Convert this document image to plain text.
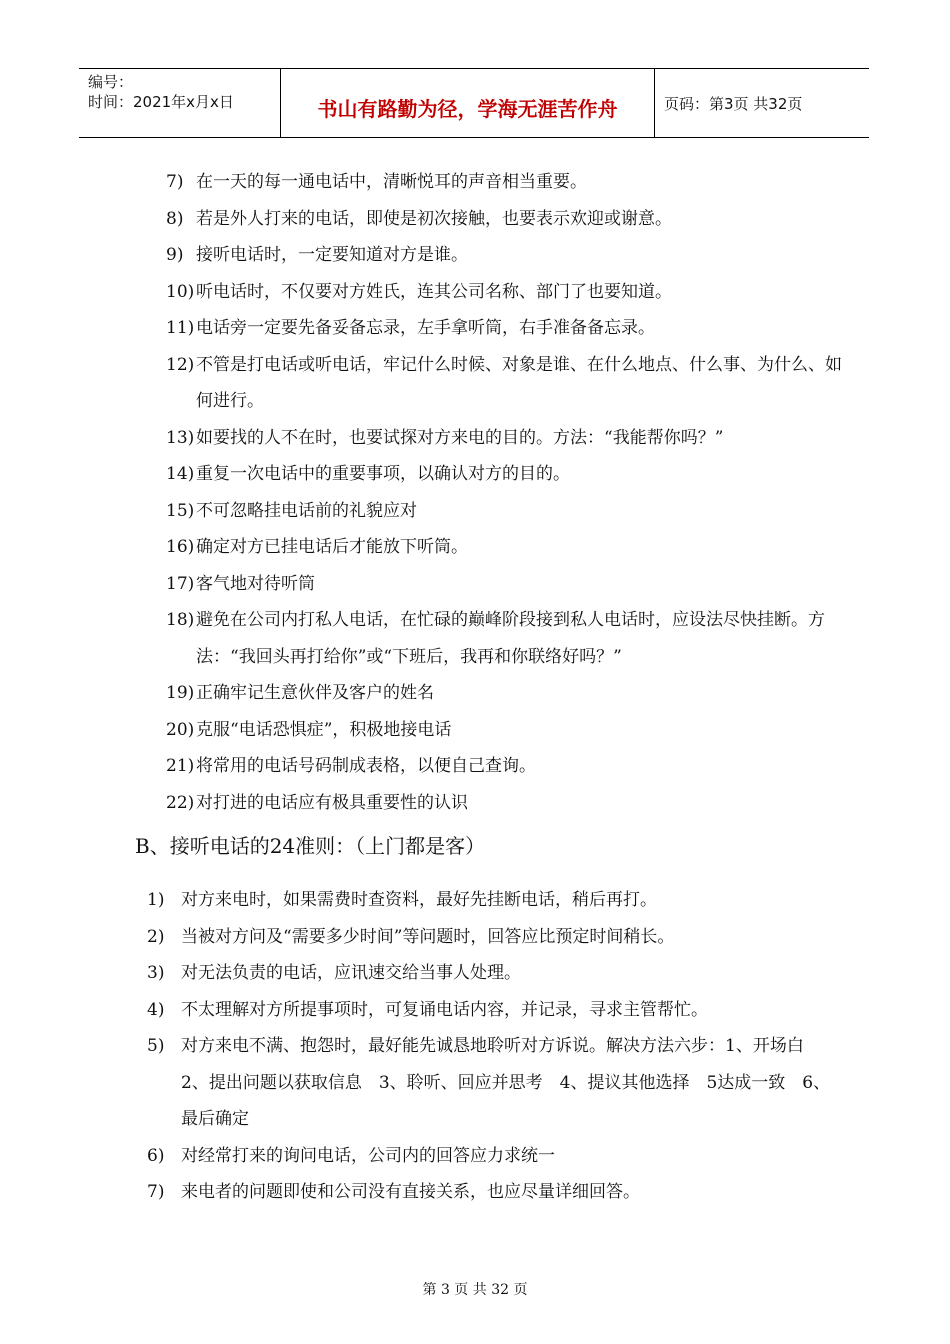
编号：
时间：2021年x月x日	书山有路勤为径，学海无涯苦作舟	页码：第3页 共32页
7) 在一天的每一通电话中，清晰悦耳的声音相当重要。
8) 若是外人打来的电话，即使是初次接触，也要表示欢迎或谢意。
9) 接听电话时，一定要知道对方是谁。
10) 听电话时，不仅要对方姓氏，连其公司名称、部门了也要知道。
11) 电话旁一定要先备妥备忘录，左手拿听筒，右手准备备忘录。
12) 不管是打电话或听电话，牢记什么时候、对象是谁、在什么地点、什么事、为什么、如何进行。
13) 如要找的人不在时，也要试探对方来电的目的。方法：“我能帮你吗？”
14) 重复一次电话中的重要事项，以确认对方的目的。
15) 不可忽略挂电话前的礼貌应对
16) 确定对方已挂电话后才能放下听筒。
17) 客气地对待听筒
18) 避免在公司内打私人电话，在忙碌的巅峰阶段接到私人电话时，应设法尽快挂断。方法：“我回头再打给你”或“下班后，我再和你联络好吗？”
19) 正确牢记生意伙伴及客户的姓名
20) 克服“电话恐惧症”，积极地接电话
21) 将常用的电话号码制成表格，以便自己查询。
22) 对打进的电话应有极具重要性的认识
B、接听电话的24准则：（上门都是客）
1) 对方来电时，如果需费时查资料，最好先挂断电话，稍后再打。
2) 当被对方问及“需要多少时间”等问题时，回答应比预定时间稍长。
3) 对无法负责的电话，应讯速交给当事人处理。
4) 不太理解对方所提事项时，可复诵电话内容，并记录，寻求主管帮忙。
5) 对方来电不满、抱怨时，最好能先诚恳地聆听对方诉说。解决方法六步：1、开场白　2、提出问题以获取信息　3、聆听、回应并思考　4、提议其他选择　5达成一致　6、最后确定
6) 对经常打来的询问电话，公司内的回答应力求统一
7) 来电者的问题即使和公司没有直接关系，也应尽量详细回答。
第 3 页 共 32 页
